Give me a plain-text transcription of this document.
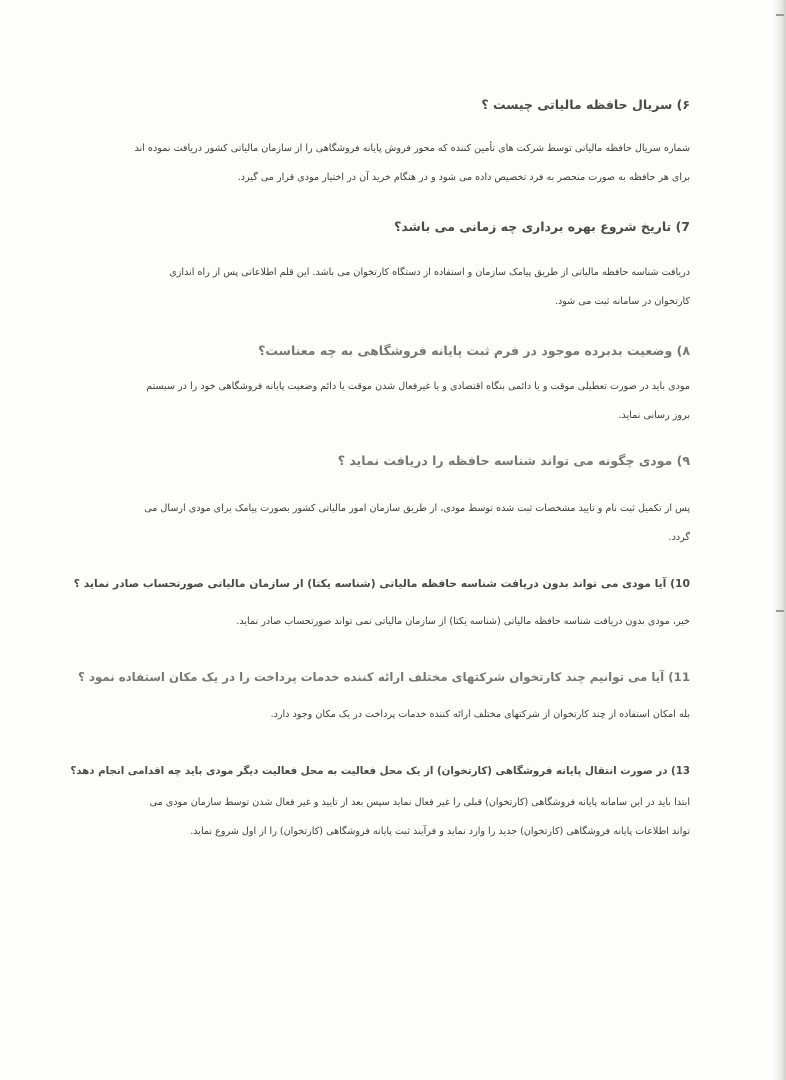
۶) سریال حافظه مالیاتی چیست ؟

شماره سریال حافظه مالیاتی توسط شرکت های تأمین کننده که محور فروش پایانه فروشگاهی را از سازمان مالیاتی کشور دریافت نموده اند

برای هر حافظه به صورت منحصر به فرد تخصیص داده می شود و در هنگام خرید آن در اختیار مودی قرار می گیرد.

7) تاریخ شروع بهره برداری چه زمانی می باشد؟

دریافت شناسه حافظه مالیاتی از طریق پیامک سازمان و استفاده از دستگاه کارتخوان می باشد. این قلم اطلاعاتی پس از راه اندازی

کارتخوان در سامانه ثبت می شود.

۸) وضعیت بدبرده موجود در فرم ثبت پایانه فروشگاهی به چه معناست؟

مودی باید در صورت تعطیلی موقت و یا دائمی بنگاه اقتصادی و یا غیرفعال شدن موقت یا دائم وضعیت پایانه فروشگاهی خود را در سیستم

بروز رسانی نماید.

۹) مودی چگونه می تواند شناسه حافظه را دریافت نماید ؟

پس از تکمیل ثبت نام و تایید مشخصات ثبت شده توسط مودی، از طریق سازمان امور مالیاتی کشور بصورت پیامک برای مودی ارسال می

گردد.

10) آیا مودی می تواند بدون دریافت شناسه حافظه مالیاتی (شناسه یکتا) از سازمان مالیاتی صورتحساب صادر نماید ؟

خیر، مودی بدون دریافت شناسه حافظه مالیاتی (شناسه یکتا) از سازمان مالیاتی نمی تواند صورتحساب صادر نماید.

11) آیا می توانیم چند کارتخوان شرکتهای مختلف ارائه کننده خدمات پرداخت را در یک مکان استفاده نمود ؟

بله امکان استفاده از چند کارتخوان از شرکتهای مختلف ارائه کننده خدمات پرداخت در یک مکان وجود دارد.

13) در صورت انتقال پایانه فروشگاهی (کارتخوان) از یک محل فعالیت به محل فعالیت دیگر مودی باید چه اقدامی انجام دهد؟

ابتدا باید در این سامانه پایانه فروشگاهی (کارتخوان) قبلی را غیر فعال نماید سپس بعد از تایید و غیر فعال شدن توسط سازمان مودی می

تواند اطلاعات پایانه فروشگاهی (کارتخوان) جدید را وارد نماید و فرآیند ثبت پایانه فروشگاهی (کارتخوان) را از اول شروع نماید.
